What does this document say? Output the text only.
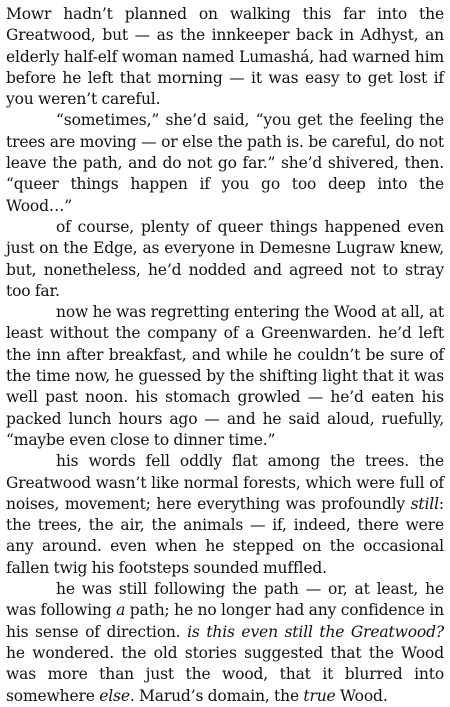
Mowr hadn’t planned on walking this far into the Greatwood, but — as the innkeeper back in Adhyst, an elderly half-elf woman named Lumashá, had warned him before he left that morning — it was easy to get lost if you weren’t careful.

“sometimes,” she’d said, “you get the feeling the trees are moving — or else the path is. be careful, do not leave the path, and do not go far.” she’d shivered, then. “queer things happen if you go too deep into the Wood…”

of course, plenty of queer things happened even just on the Edge, as everyone in Demesne Lugraw knew, but, nonetheless, he’d nodded and agreed not to stray too far.

now he was regretting entering the Wood at all, at least without the company of a Greenwarden. he’d left the inn after breakfast, and while he couldn’t be sure of the time now, he guessed by the shifting light that it was well past noon. his stomach growled — he’d eaten his packed lunch hours ago — and he said aloud, ruefully, “maybe even close to dinner time.”

his words fell oddly flat among the trees. the Greatwood wasn’t like normal forests, which were full of noises, movement; here everything was profoundly still: the trees, the air, the animals — if, indeed, there were any around. even when he stepped on the occasional fallen twig his footsteps sounded muffled.

he was still following the path — or, at least, he was following a path; he no longer had any confidence in his sense of direction. is this even still the Greatwood? he wondered. the old stories suggested that the Wood was more than just the wood, that it blurred into somewhere else. Marud’s domain, the true Wood.
